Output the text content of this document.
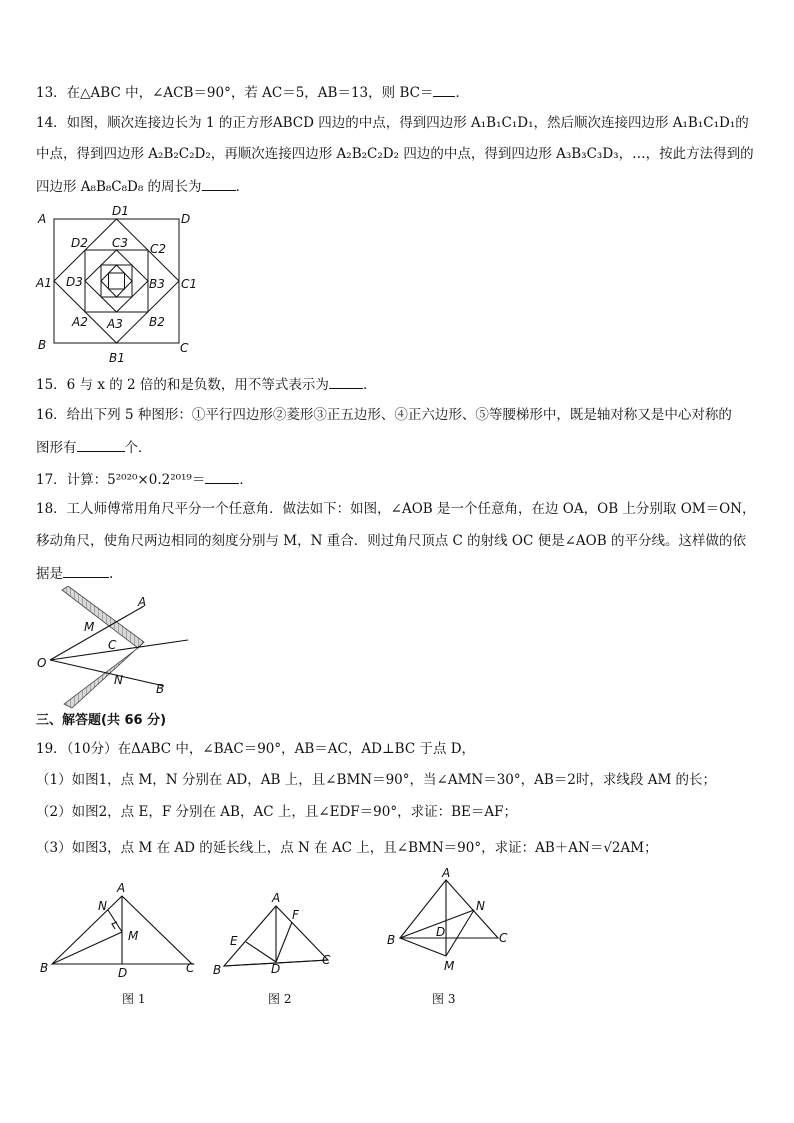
13．在△ABC 中，∠ACB＝90°，若 AC＝5，AB＝13，则 BC＝ ．
14．如图，顺次连接边长为 1 的正方形ABCD 四边的中点，得到四边形 A₁B₁C₁D₁，然后顺次连接四边形 A₁B₁C₁D₁的
中点，得到四边形 A₂B₂C₂D₂，再顺次连接四边形 A₂B₂C₂D₂ 四边的中点，得到四边形 A₃B₃C₃D₃，…，按此方法得到的
四边形 A₈B₈C₈D₈ 的周长为	．
A
B	C
D
A1
B1
C1
D1
A2	B2
C2
D2
A3
B3
C3
D3
15．6 与 x 的 2 倍的和是负数，用不等式表示为	．
16．给出下列 5 种图形：①平行四边形②菱形③正五边形、④正六边形、⑤等腰梯形中，既是轴对称又是中心对称的
图形有	个．
17．计算：5²⁰²⁰×0.2²⁰¹⁹＝	．
18．工人师傅常用角尺平分一个任意角．做法如下：如图，∠AOB 是一个任意角，在边 OA，OB 上分别取 OM＝ON，
移动角尺，使角尺两边相同的刻度分别与 M，N 重合．则过角尺顶点 C 的射线 OC 便是∠AOB 的平分线。这样做的依
据是	.
A
M
C
O
N
B
三、解答题(共 66 分)
19．（10分）在ΔABC 中，∠BAC＝90°，AB＝AC，AD⊥BC 于点 D，
（1）如图1，点 M，N 分别在 AD，AB 上，且∠BMN＝90°，当∠AMN＝30°，AB＝2时，求线段 AM 的长；
（2）如图2，点 E，F 分别在 AB，AC 上，且∠EDF＝90°，求证：BE＝AF；
（3）如图3，点 M 在 AD 的延长线上，点 N 在 AC 上，且∠BMN＝90°，求证：AB＋AN＝√2AM；
A
N
M
B	D	C
图 1
A
F
E
B	D
C
图 2
A
N
B
D	C
M
图 3
